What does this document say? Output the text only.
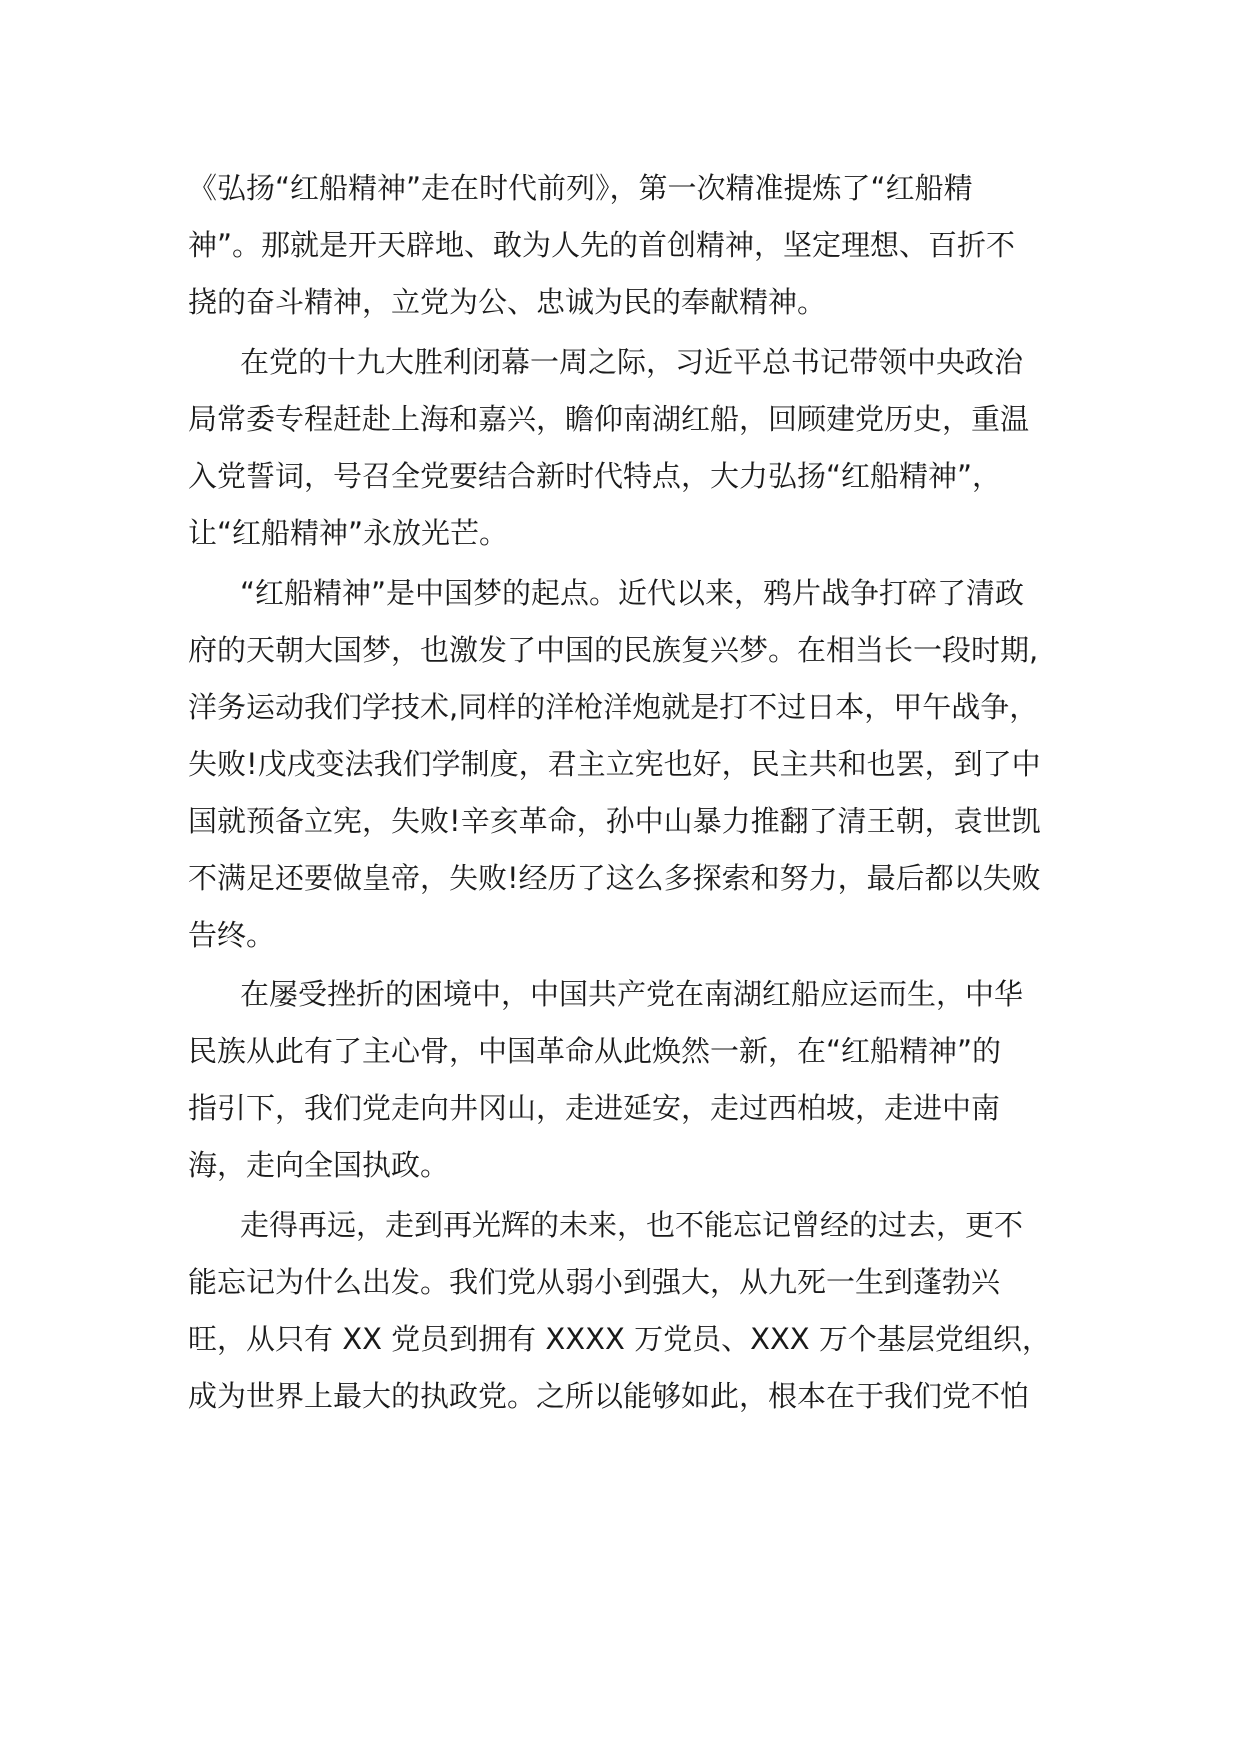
《弘扬“红船精神”走在时代前列》，第一次精准提炼了“红船精
神”。那就是开天辟地、敢为人先的首创精神，坚定理想、百折不
挠的奋斗精神，立党为公、忠诚为民的奉献精神。
在党的十九大胜利闭幕一周之际，习近平总书记带领中央政治
局常委专程赶赴上海和嘉兴，瞻仰南湖红船，回顾建党历史，重温
入党誓词，号召全党要结合新时代特点，大力弘扬“红船精神”，
让“红船精神”永放光芒。
“红船精神”是中国梦的起点。近代以来，鸦片战争打碎了清政
府的天朝大国梦，也激发了中国的民族复兴梦。在相当长一段时期,
洋务运动我们学技术,同样的洋枪洋炮就是打不过日本，甲午战争，
失败!戊戌变法我们学制度，君主立宪也好，民主共和也罢，到了中
国就预备立宪，失败!辛亥革命，孙中山暴力推翻了清王朝，袁世凯
不满足还要做皇帝，失败!经历了这么多探索和努力，最后都以失败
告终。
在屡受挫折的困境中，中国共产党在南湖红船应运而生，中华
民族从此有了主心骨，中国革命从此焕然一新，在“红船精神”的
指引下，我们党走向井冈山，走进延安，走过西柏坡，走进中南
海，走向全国执政。
走得再远，走到再光辉的未来，也不能忘记曾经的过去，更不
能忘记为什么出发。我们党从弱小到强大，从九死一生到蓬勃兴
旺，从只有 XX 党员到拥有 XXXX 万党员、XXX 万个基层党组织，
成为世界上最大的执政党。之所以能够如此，根本在于我们党不怕
